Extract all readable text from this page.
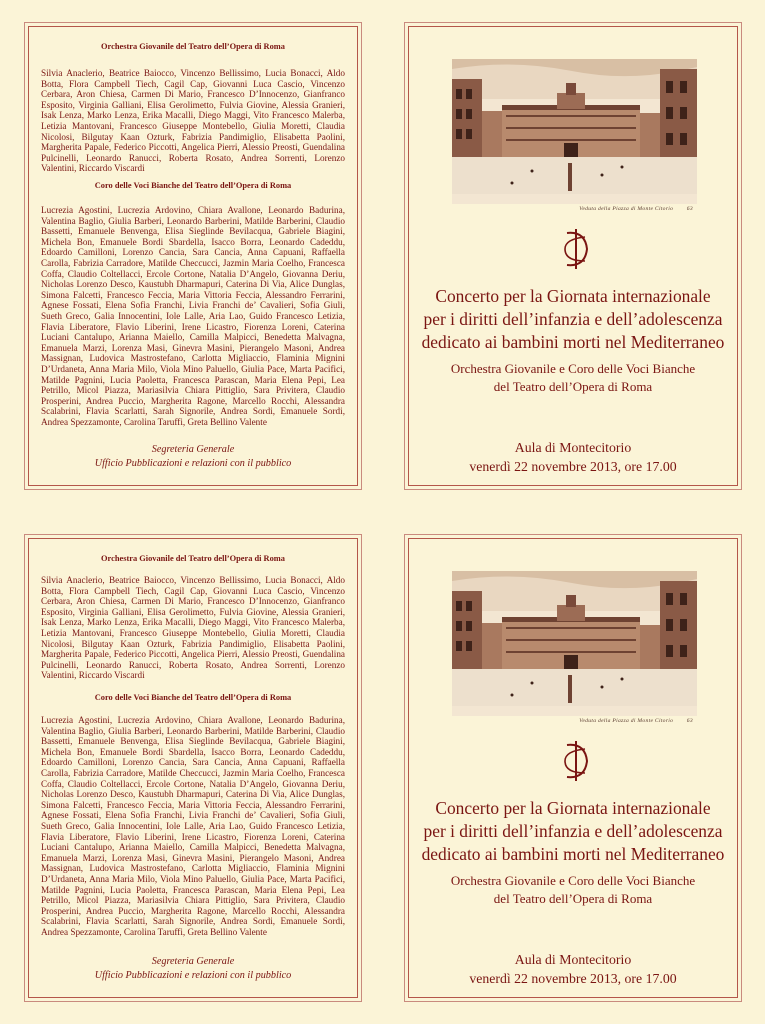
Orchestra Giovanile del Teatro dell’Opera di Roma
Silvia Anaclerio, Beatrice Baiocco, Vincenzo Bellissimo, Lucia Bonacci, Aldo Botta, Flora Campbell Tiech, Cagil Cap, Giovanni Luca Cascio, Vincenzo Cerbara, Aron Chiesa, Carmen Di Mario, Francesco D’Innocenzo, Gianfranco Esposito, Virginia Galliani, Elisa Gerolimetto, Fulvia Giovine, Alessia Granieri, Isak Lenza, Marko Lenza, Erika Macalli, Diego Maggi, Vito Francesco Malerba, Letizia Mantovani, Francesco Giuseppe Montebello, Giulia Moretti, Claudia Nicolosi, Bilgutay Kaan Ozturk, Fabrizia Pandimiglio, Elisabetta Paolini, Margherita Papale, Federico Piccotti, Angelica Pierri, Alessio Preosti, Guendalina Pulcinelli, Leonardo Ranucci, Roberta Rosato, Andrea Sorrenti, Lorenzo Valentini, Riccardo Viscardi
Coro delle Voci Bianche del Teatro dell’Opera di Roma
Lucrezia Agostini, Lucrezia Ardovino, Chiara Avallone, Leonardo Badurina, Valentina Baglio, Giulia Barberi, Leonardo Barberini, Matilde Barberini, Claudio Bassetti, Emanuele Benvenga, Elisa Sieglinde Bevilacqua, Gabriele Biagini, Michela Bon, Emanuele Bordi Sbardella, Isacco Borra, Leonardo Cadeddu, Edoardo Camilloni, Lorenzo Cancia, Sara Cancia, Anna Capuani, Raffaella Carolla, Fabrizia Carradore, Matilde Checcucci, Jazmin Maria Coelho, Francesca Coffa, Claudio Coltellacci, Ercole Cortone, Natalia D’Angelo, Giovanna Deriu, Nicholas Lorenzo Desco, Kaustubh Dharmapuri, Caterina Di Via, Alice Dunglas, Simona Falcetti, Francesco Feccia, Maria Vittoria Feccia, Alessandro Ferrarini, Agnese Fossati, Elena Sofia Franchi, Livia Franchi de’ Cavalieri, Sofia Giuli, Sueth Greco, Galia Innocentini, Iole Lalle, Aria Lao, Guido Francesco Letizia, Flavia Liberatore, Flavio Liberini, Irene Licastro, Fiorenza Loreni, Caterina Luciani Cantalupo, Arianna Maiello, Camilla Malpicci, Benedetta Malvagna, Emanuela Marzi, Lorenza Masi, Ginevra Masini, Pierangelo Masoni, Andrea Massignan, Ludovica Mastrostefano, Carlotta Migliaccio, Flaminia Mignini D’Urdaneta, Anna Maria Milo, Viola Mino Paluello, Giulia Pace, Marta Pacifici, Matilde Pagnini, Lucia Paoletta, Francesca Parascan, Maria Elena Pepi, Lea Petrillo, Micol Piazza, Mariasilvia Chiara Pittiglio, Sara Privitera, Claudio Prosperini, Andrea Puccio, Margherita Ragone, Marcello Rocchi, Alessandra Scalabrini, Flavia Scarlatti, Sarah Signorile, Andrea Sordi, Emanuele Sordi, Andrea Spezzamonte, Carolina Taruffi, Greta Bellino Valente
Segreteria Generale
Ufficio Pubblicazioni e relazioni con il pubblico
Veduta della Piazza di Monte Citorio 63
Concerto per la Giornata internazionale
per i diritti dell’infanzia e dell’adolescenza
dedicato ai bambini morti nel Mediterraneo
Orchestra Giovanile e Coro delle Voci Bianche
del Teatro dell’Opera di Roma
Aula di Montecitorio
venerdì 22 novembre 2013, ore 17.00
Orchestra Giovanile del Teatro dell’Opera di Roma
Silvia Anaclerio, Beatrice Baiocco, Vincenzo Bellissimo, Lucia Bonacci, Aldo Botta, Flora Campbell Tiech, Cagil Cap, Giovanni Luca Cascio, Vincenzo Cerbara, Aron Chiesa, Carmen Di Mario, Francesco D’Innocenzo, Gianfranco Esposito, Virginia Galliani, Elisa Gerolimetto, Fulvia Giovine, Alessia Granieri, Isak Lenza, Marko Lenza, Erika Macalli, Diego Maggi, Vito Francesco Malerba, Letizia Mantovani, Francesco Giuseppe Montebello, Giulia Moretti, Claudia Nicolosi, Bilgutay Kaan Ozturk, Fabrizia Pandimiglio, Elisabetta Paolini, Margherita Papale, Federico Piccotti, Angelica Pierri, Alessio Preosti, Guendalina Pulcinelli, Leonardo Ranucci, Roberta Rosato, Andrea Sorrenti, Lorenzo Valentini, Riccardo Viscardi
Coro delle Voci Bianche del Teatro dell’Opera di Roma
Lucrezia Agostini, Lucrezia Ardovino, Chiara Avallone, Leonardo Badurina, Valentina Baglio, Giulia Barberi, Leonardo Barberini, Matilde Barberini, Claudio Bassetti, Emanuele Benvenga, Elisa Sieglinde Bevilacqua, Gabriele Biagini, Michela Bon, Emanuele Bordi Sbardella, Isacco Borra, Leonardo Cadeddu, Edoardo Camilloni, Lorenzo Cancia, Sara Cancia, Anna Capuani, Raffaella Carolla, Fabrizia Carradore, Matilde Checcucci, Jazmin Maria Coelho, Francesca Coffa, Claudio Coltellacci, Ercole Cortone, Natalia D’Angelo, Giovanna Deriu, Nicholas Lorenzo Desco, Kaustubh Dharmapuri, Caterina Di Via, Alice Dunglas, Simona Falcetti, Francesco Feccia, Maria Vittoria Feccia, Alessandro Ferrarini, Agnese Fossati, Elena Sofia Franchi, Livia Franchi de’ Cavalieri, Sofia Giuli, Sueth Greco, Galia Innocentini, Iole Lalle, Aria Lao, Guido Francesco Letizia, Flavia Liberatore, Flavio Liberini, Irene Licastro, Fiorenza Loreni, Caterina Luciani Cantalupo, Arianna Maiello, Camilla Malpicci, Benedetta Malvagna, Emanuela Marzi, Lorenza Masi, Ginevra Masini, Pierangelo Masoni, Andrea Massignan, Ludovica Mastrostefano, Carlotta Migliaccio, Flaminia Mignini D’Urdaneta, Anna Maria Milo, Viola Mino Paluello, Giulia Pace, Marta Pacifici, Matilde Pagnini, Lucia Paoletta, Francesca Parascan, Maria Elena Pepi, Lea Petrillo, Micol Piazza, Mariasilvia Chiara Pittiglio, Sara Privitera, Claudio Prosperini, Andrea Puccio, Margherita Ragone, Marcello Rocchi, Alessandra Scalabrini, Flavia Scarlatti, Sarah Signorile, Andrea Sordi, Emanuele Sordi, Andrea Spezzamonte, Carolina Taruffi, Greta Bellino Valente
Segreteria Generale
Ufficio Pubblicazioni e relazioni con il pubblico
Veduta della Piazza di Monte Citorio 63
Concerto per la Giornata internazionale
per i diritti dell’infanzia e dell’adolescenza
dedicato ai bambini morti nel Mediterraneo
Orchestra Giovanile e Coro delle Voci Bianche
del Teatro dell’Opera di Roma
Aula di Montecitorio
venerdì 22 novembre 2013, ore 17.00
